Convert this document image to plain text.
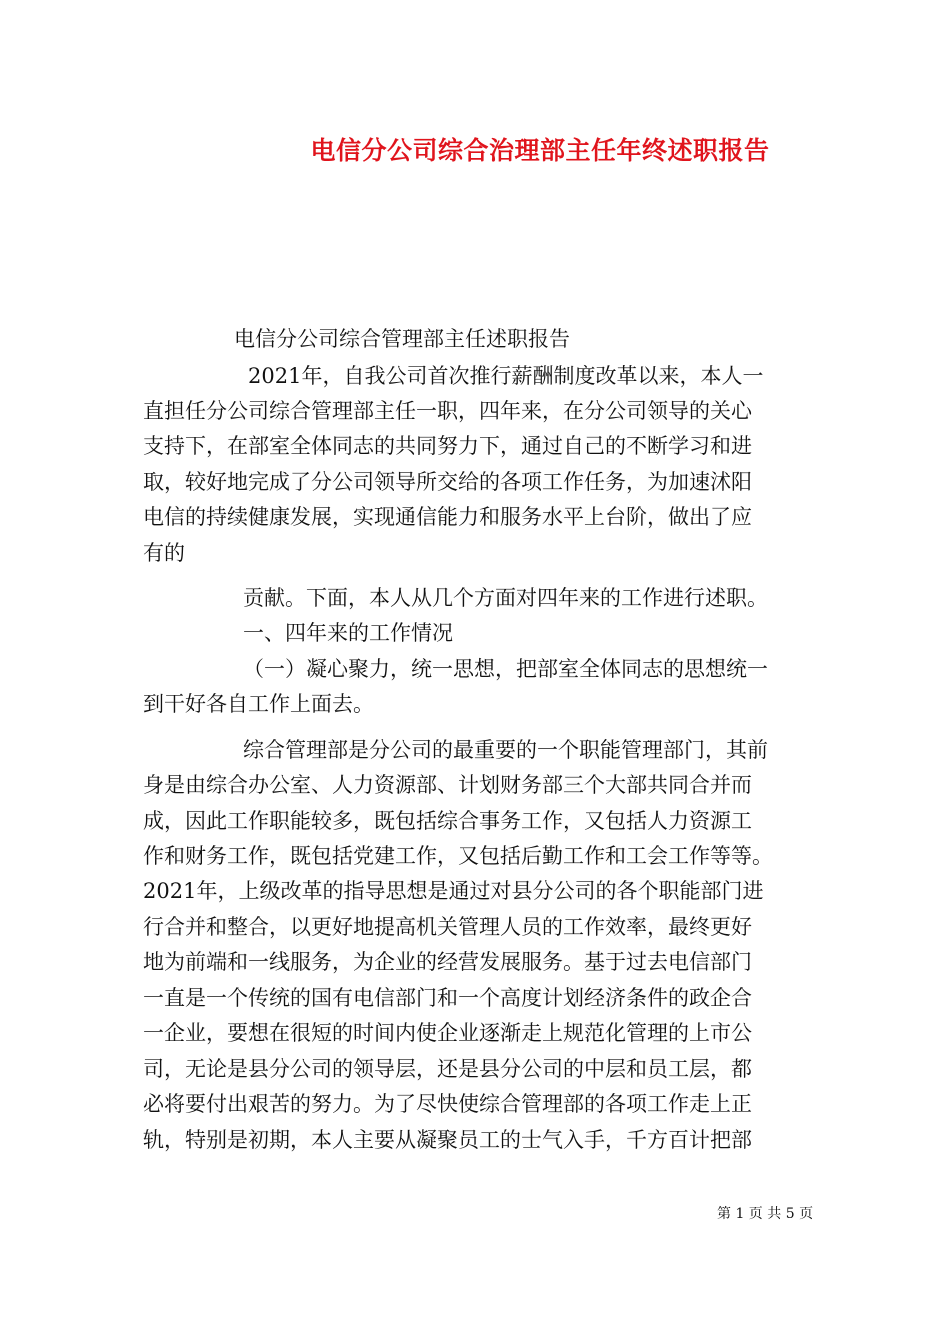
电信分公司综合治理部主任年终述职报告

电信分公司综合管理部主任述职报告

2021年，自我公司首次推行薪酬制度改革以来，本人一

直担任分公司综合管理部主任一职，四年来，在分公司领导的关心

支持下，在部室全体同志的共同努力下，通过自己的不断学习和进

取，较好地完成了分公司领导所交给的各项工作任务，为加速沭阳

电信的持续健康发展，实现通信能力和服务水平上台阶，做出了应

有的

贡献。下面，本人从几个方面对四年来的工作进行述职。

一、四年来的工作情况

（一）凝心聚力，统一思想，把部室全体同志的思想统一

到干好各自工作上面去。

综合管理部是分公司的最重要的一个职能管理部门，其前

身是由综合办公室、人力资源部、计划财务部三个大部共同合并而

成，因此工作职能较多，既包括综合事务工作，又包括人力资源工

作和财务工作，既包括党建工作，又包括后勤工作和工会工作等等。

2021年，上级改革的指导思想是通过对县分公司的各个职能部门进

行合并和整合，以更好地提高机关管理人员的工作效率，最终更好

地为前端和一线服务，为企业的经营发展服务。基于过去电信部门

一直是一个传统的国有电信部门和一个高度计划经济条件的政企合

一企业，要想在很短的时间内使企业逐渐走上规范化管理的上市公

司，无论是县分公司的领导层，还是县分公司的中层和员工层，都

必将要付出艰苦的努力。为了尽快使综合管理部的各项工作走上正

轨，特别是初期，本人主要从凝聚员工的士气入手，千方百计把部

第 1 页 共 5 页
